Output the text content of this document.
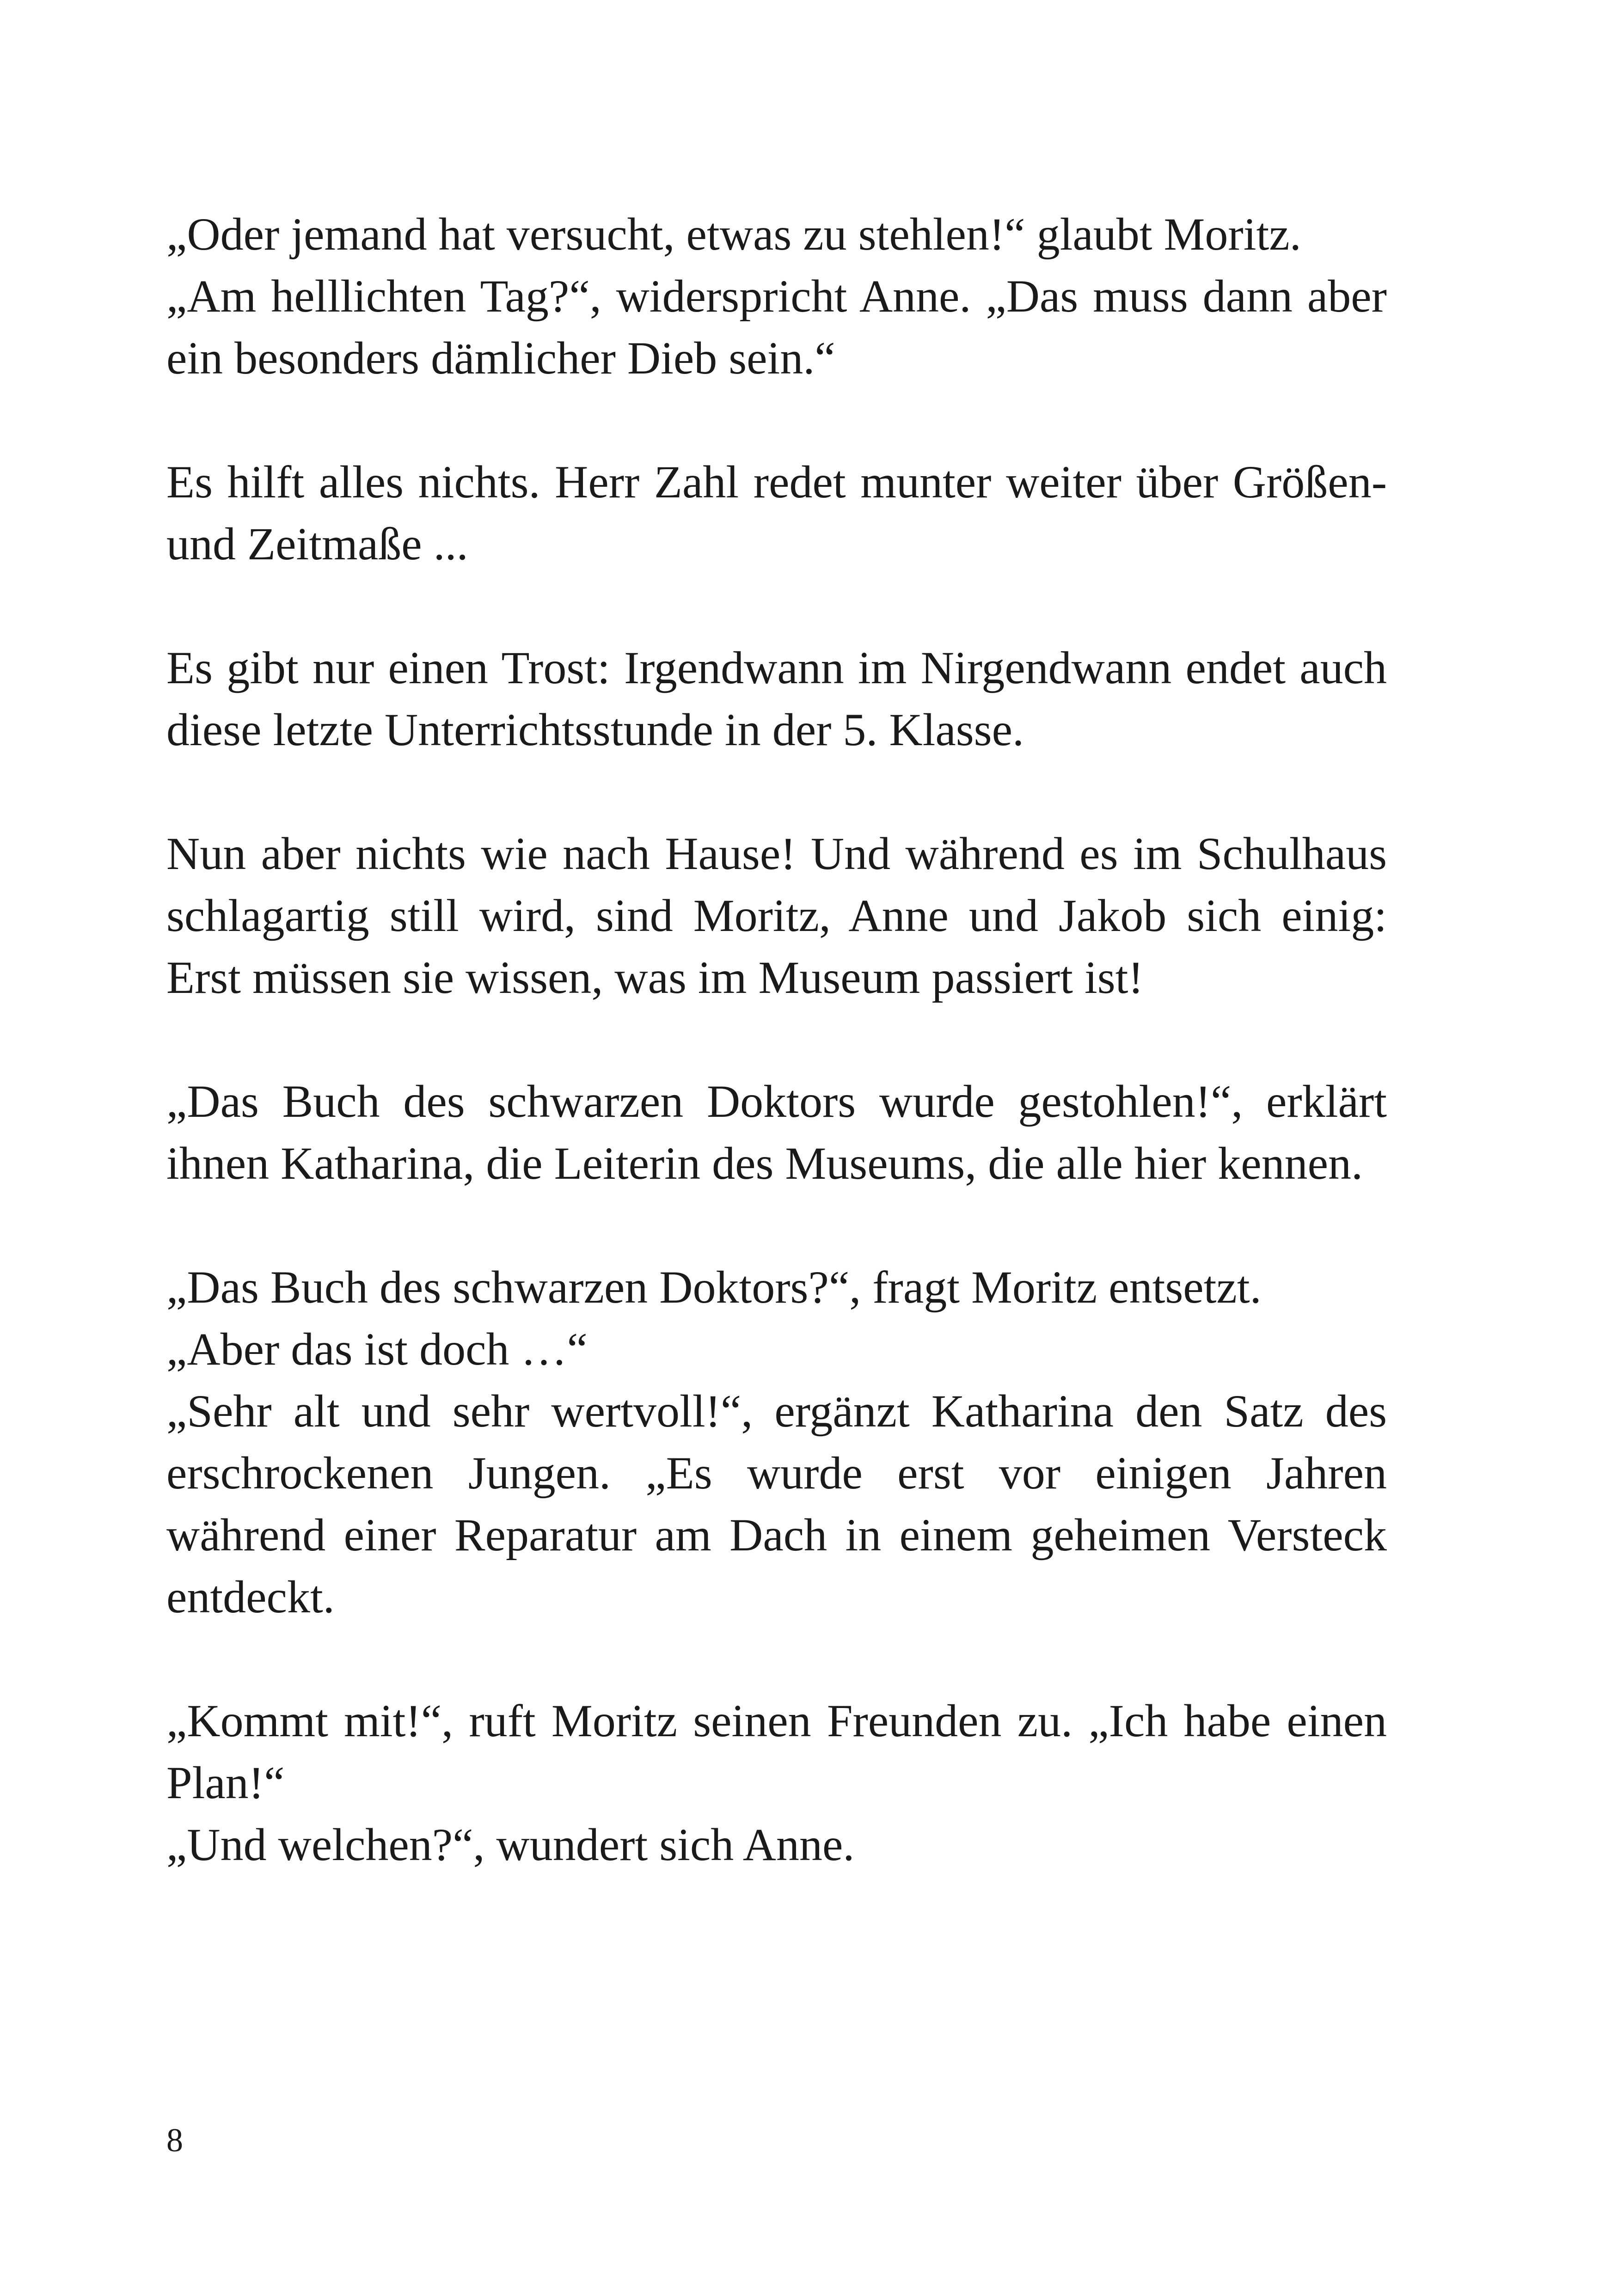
„Oder jemand hat versucht, etwas zu stehlen!“ glaubt Moritz.
„Am helllichten Tag?“, widerspricht Anne. „Das muss dann aber ein besonders dämlicher Dieb sein.“
Es hilft alles nichts. Herr Zahl redet munter weiter über Größen- und Zeitmaße ...
Es gibt nur einen Trost: Irgendwann im Nirgendwann endet auch diese letzte Unterrichtsstunde in der 5. Klasse.
Nun aber nichts wie nach Hause! Und während es im Schulhaus schlagartig still wird, sind Moritz, Anne und Jakob sich einig: Erst müssen sie wissen, was im Museum passiert ist!
„Das Buch des schwarzen Doktors wurde gestohlen!“, erklärt ihnen Katharina, die Leiterin des Museums, die alle hier kennen.
„Das Buch des schwarzen Doktors?“, fragt Moritz entsetzt.
„Aber das ist doch …“
„Sehr alt und sehr wertvoll!“, ergänzt Katharina den Satz des erschrockenen Jungen. „Es wurde erst vor einigen Jahren während einer Reparatur am Dach in einem geheimen Versteck entdeckt.
„Kommt mit!“, ruft Moritz seinen Freunden zu. „Ich habe einen Plan!“
„Und welchen?“, wundert sich Anne.
8
